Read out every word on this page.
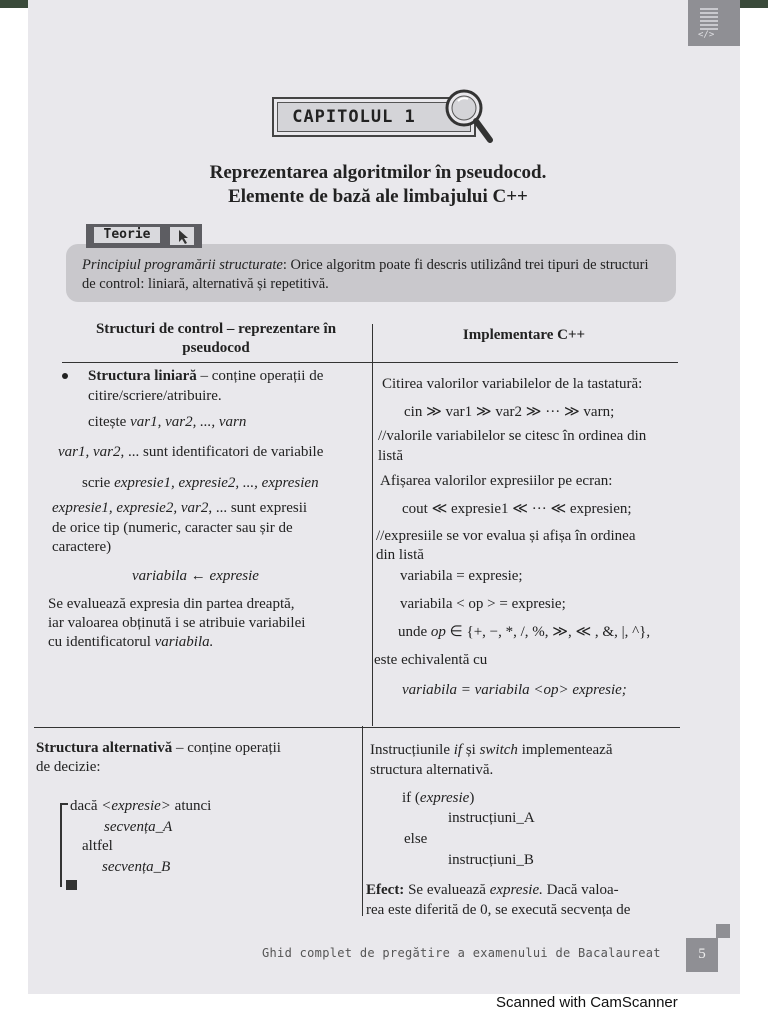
</>
CAPITOLUL 1
Reprezentarea algoritmilor în pseudocod.
Elemente de bază ale limbajului C++

Principiul programării structurate: Orice algoritm poate fi descris utilizând trei tipuri de structuri de control: liniară, alternativă și repetitivă.

Teorie
Structuri de control – reprezentare în pseudocod
Implementare C++
Structura liniară – conține operații de
citire/scriere/atribuire.
citește var1, var2, ..., varn
var1, var2, ... sunt identificatori de variabile
scrie expresie1, expresie2, ..., expresien
expresie1, expresie2, var2, ... sunt expresii
de orice tip (numeric, caracter sau șir de
caractere)
variabila ← expresie
Se evaluează expresia din partea dreaptă,
iar valoarea obținută i se atribuie variabilei
cu identificatorul variabila.
Citirea valorilor variabilelor de la tastatură:
cin ≫ var1 ≫ var2 ≫ ··· ≫ varn;
//valorile variabilelor se citesc în ordinea din
listă
Afișarea valorilor expresiilor pe ecran:
cout ≪ expresie1 ≪ ··· ≪ expresien;
//expresiile se vor evalua și afișa în ordinea
din listă
variabila = expresie;
variabila < op > = expresie;
unde op ∈ {+, −, *, /, %, ≫, ≪ , &, |, ^},
este echivalentă cu
variabila = variabila <op> expresie;
Structura alternativă – conține operații
de decizie:
dacă <expresie> atunci
secvența_A
altfel
secvența_B
Instrucțiunile if și switch implementează
structura alternativă.
if (expresie)
instrucțiuni_A
else
instrucțiuni_B
Efect: Se evaluează expresie. Dacă valoa-
rea este diferită de 0, se execută secvența de
Ghid complet de pregătire a examenului de Bacalaureat	5
Scanned with CamScanner
